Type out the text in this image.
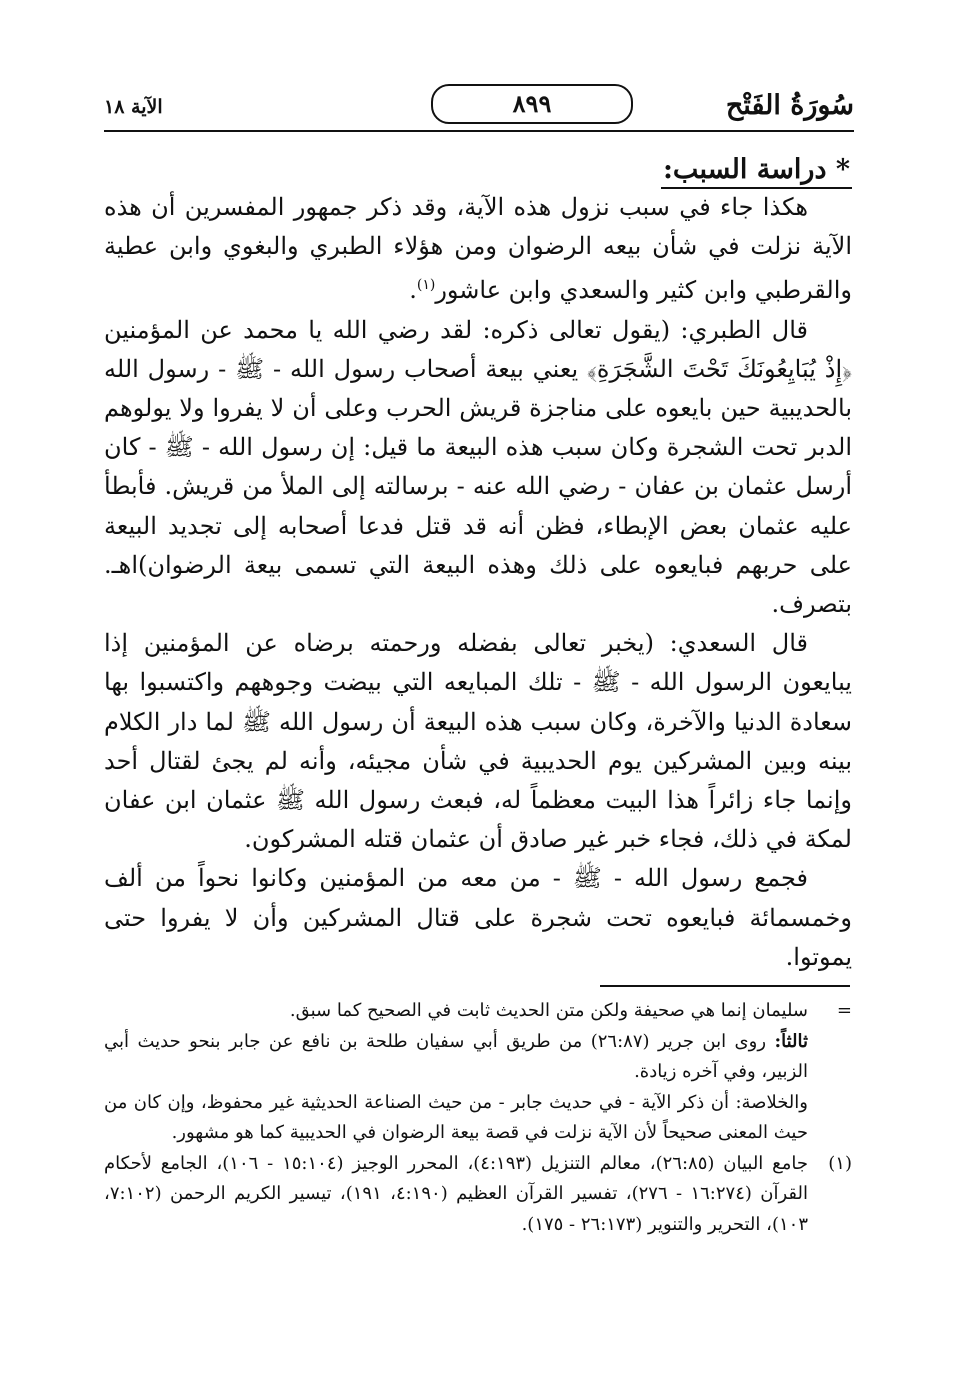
سُورَةُ الفَتْح
٨٩٩
الآية ١٨

* دراسة السبب:

هكذا جاء في سبب نزول هذه الآية، وقد ذكر جمهور المفسرين أن هذه الآية نزلت في شأن بيعه الرضوان ومن هؤلاء الطبري والبغوي وابن عطية والقرطبي وابن كثير والسعدي وابن عاشور$^{(١)}$.

قال الطبري: (يقول تعالى ذكره: لقد رضي الله يا محمد عن المؤمنين ﴿إِذْ يُبَايِعُونَكَ تَحْتَ الشَّجَرَةِ﴾ يعني بيعة أصحاب رسول الله - ﷺ - رسول الله بالحديبية حين بايعوه على مناجزة قريش الحرب وعلى أن لا يفروا ولا يولوهم الدبر تحت الشجرة وكان سبب هذه البيعة ما قيل: إن رسول الله - ﷺ - كان أرسل عثمان بن عفان - رضي الله عنه - برسالته إلى الملأ من قريش. فأبطأ عليه عثمان بعض الإبطاء، فظن أنه قد قتل فدعا أصحابه إلى تجديد البيعة على حربهم فبايعوه على ذلك وهذه البيعة التي تسمى بيعة الرضوان)اهـ. بتصرف.

قال السعدي: (يخبر تعالى بفضله ورحمته برضاه عن المؤمنين إذا يبايعون الرسول الله - ﷺ - تلك المبايعه التي بيضت وجوههم واكتسبوا بها سعادة الدنيا والآخرة، وكان سبب هذه البيعة أن رسول الله ﷺ لما دار الكلام بينه وبين المشركين يوم الحديبية في شأن مجيئه، وأنه لم يجئ لقتال أحد وإنما جاء زائراً هذا البيت معظماً له، فبعث رسول الله ﷺ عثمان ابن عفان لمكة في ذلك، فجاء خبر غير صادق أن عثمان قتله المشركون.

فجمع رسول الله - ﷺ - من معه من المؤمنين وكانوا نحواً من ألف وخمسمائة فبايعوه تحت شجرة على قتال المشركين وأن لا يفروا حتى يموتوا.

=

سليمان إنما هي صحيفة ولكن متن الحديث ثابت في الصحيح كما سبق.

ثالثاً: روى ابن جرير (٢٦:٨٧) من طريق أبي سفيان طلحة بن نافع عن جابر بنحو حديث أبي الزبير، وفي آخره زيادة.

والخلاصة: أن ذكر الآية - في حديث جابر - من حيث الصناعة الحديثية غير محفوظ، وإن كان من حيث المعنى صحيحاً لأن الآية نزلت في قصة بيعة الرضوان في الحديبية كما هو مشهور.

(١)
جامع البيان (٢٦:٨٥)، معالم التنزيل (٤:١٩٣)، المحرر الوجيز (١٥:١٠٤ - ١٠٦)، الجامع لأحكام القرآن (١٦:٢٧٤ - ٢٧٦)، تفسير القرآن العظيم (٤:١٩٠، ١٩١)، تيسير الكريم الرحمن (٧:١٠٢، ١٠٣)، التحرير والتنوير (٢٦:١٧٣ - ١٧٥).
